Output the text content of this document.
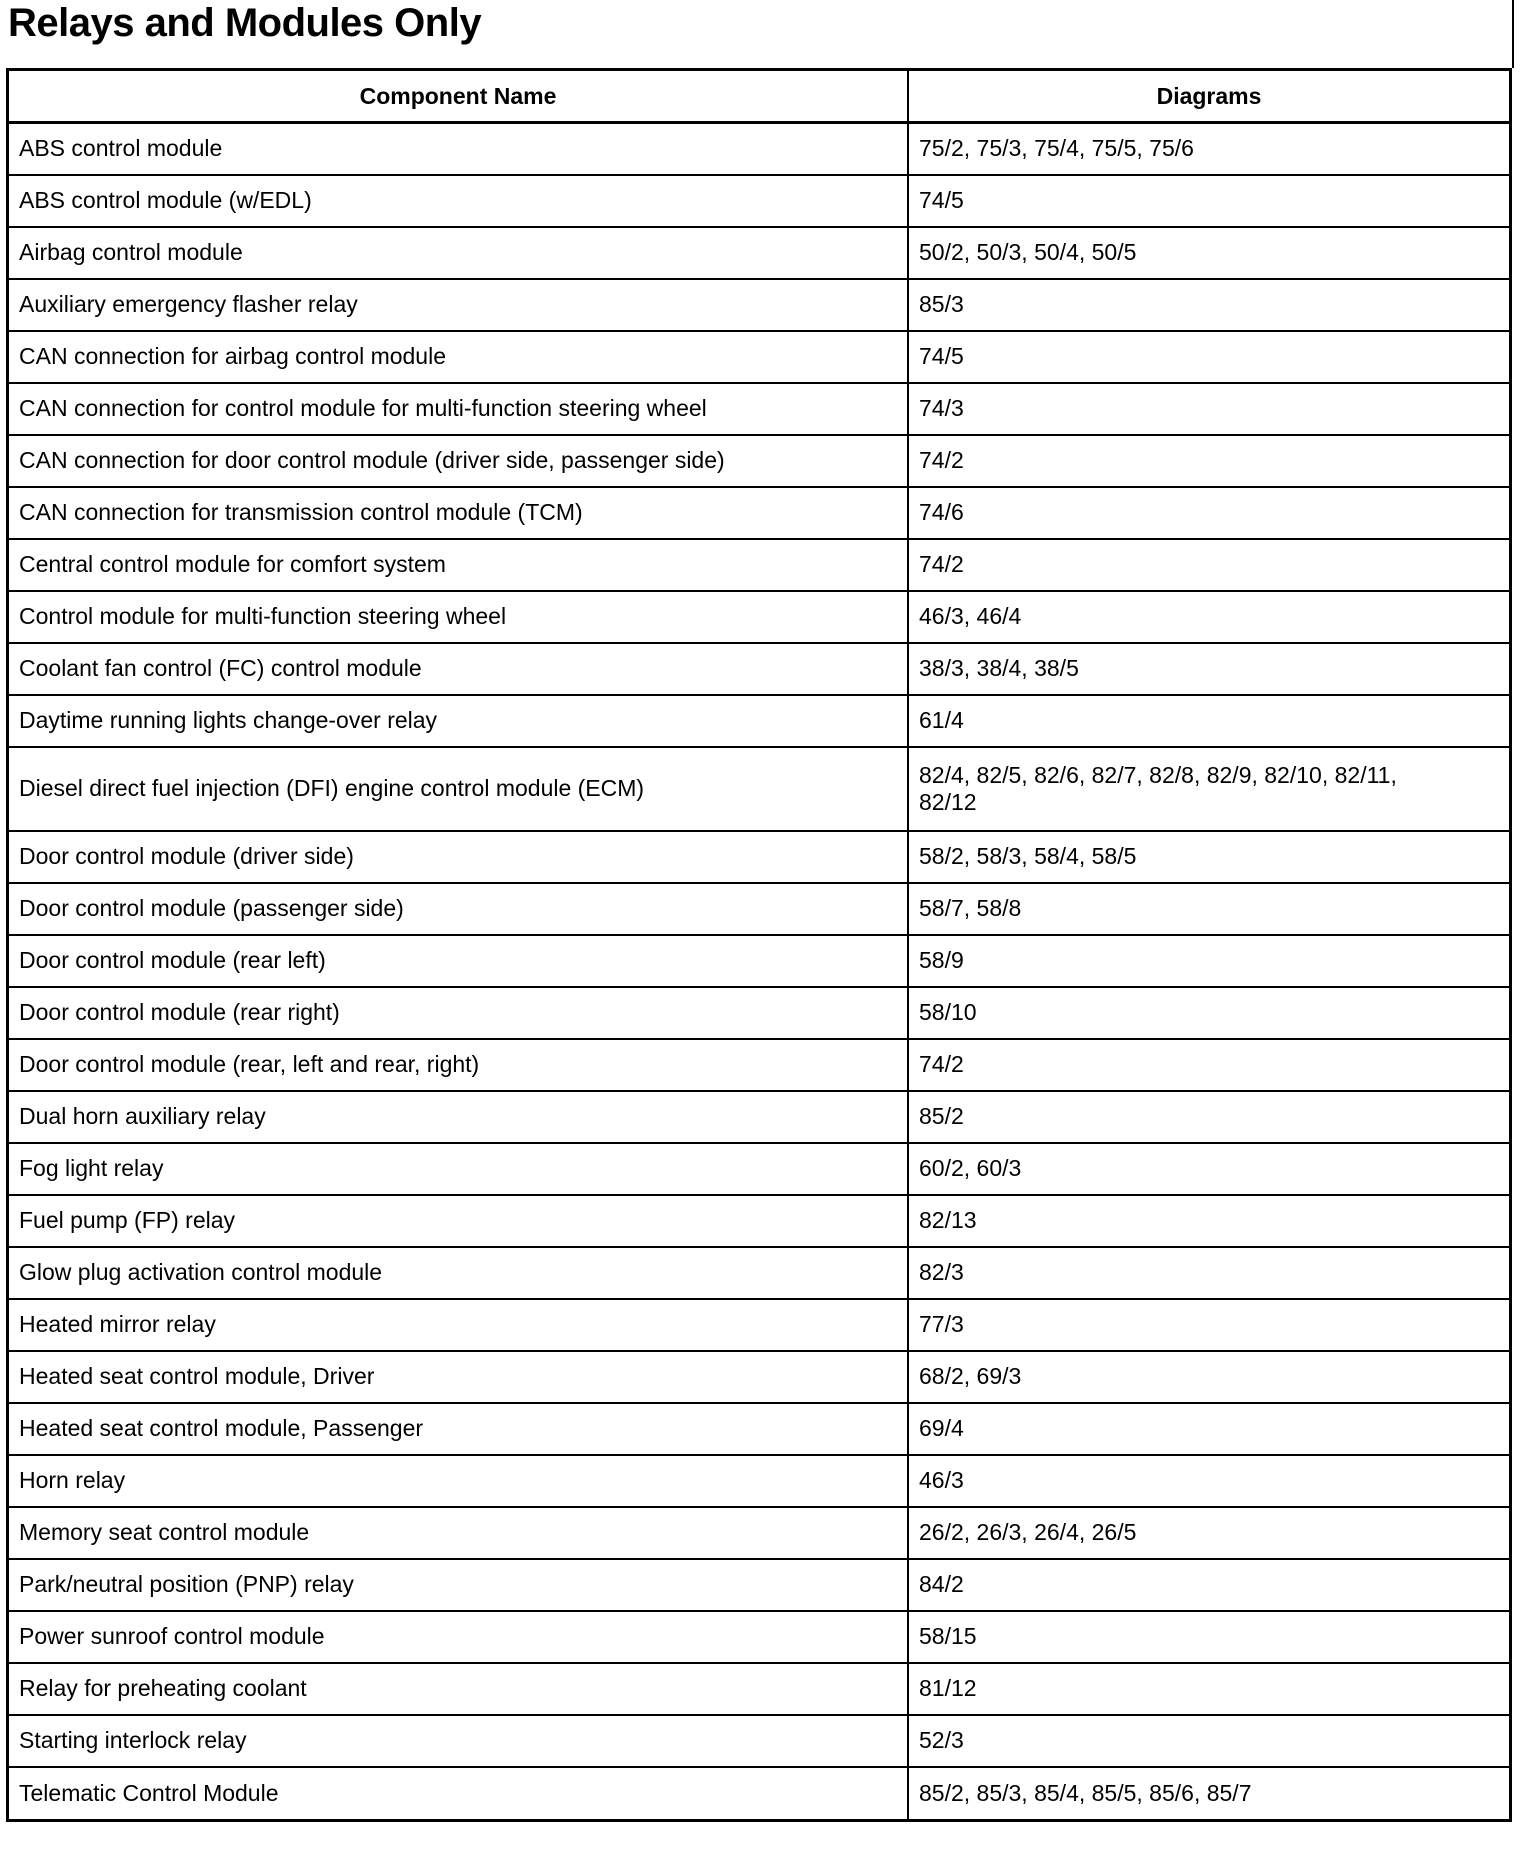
Relays and Modules Only
Component Name	Diagrams
ABS control module	75/2, 75/3, 75/4, 75/5, 75/6
ABS control module (w/EDL)	74/5
Airbag control module	50/2, 50/3, 50/4, 50/5
Auxiliary emergency flasher relay	85/3
CAN connection for airbag control module	74/5
CAN connection for control module for multi-function steering wheel	74/3
CAN connection for door control module (driver side, passenger side)	74/2
CAN connection for transmission control module (TCM)	74/6
Central control module for comfort system	74/2
Control module for multi-function steering wheel	46/3, 46/4
Coolant fan control (FC) control module	38/3, 38/4, 38/5
Daytime running lights change-over relay	61/4
Diesel direct fuel injection (DFI) engine control module (ECM)	82/4, 82/5, 82/6, 82/7, 82/8, 82/9, 82/10, 82/11, 82/12
Door control module (driver side)	58/2, 58/3, 58/4, 58/5
Door control module (passenger side)	58/7, 58/8
Door control module (rear left)	58/9
Door control module (rear right)	58/10
Door control module (rear, left and rear, right)	74/2
Dual horn auxiliary relay	85/2
Fog light relay	60/2, 60/3
Fuel pump (FP) relay	82/13
Glow plug activation control module	82/3
Heated mirror relay	77/3
Heated seat control module, Driver	68/2, 69/3
Heated seat control module, Passenger	69/4
Horn relay	46/3
Memory seat control module	26/2, 26/3, 26/4, 26/5
Park/neutral position (PNP) relay	84/2
Power sunroof control module	58/15
Relay for preheating coolant	81/12
Starting interlock relay	52/3
Telematic Control Module	85/2, 85/3, 85/4, 85/5, 85/6, 85/7
